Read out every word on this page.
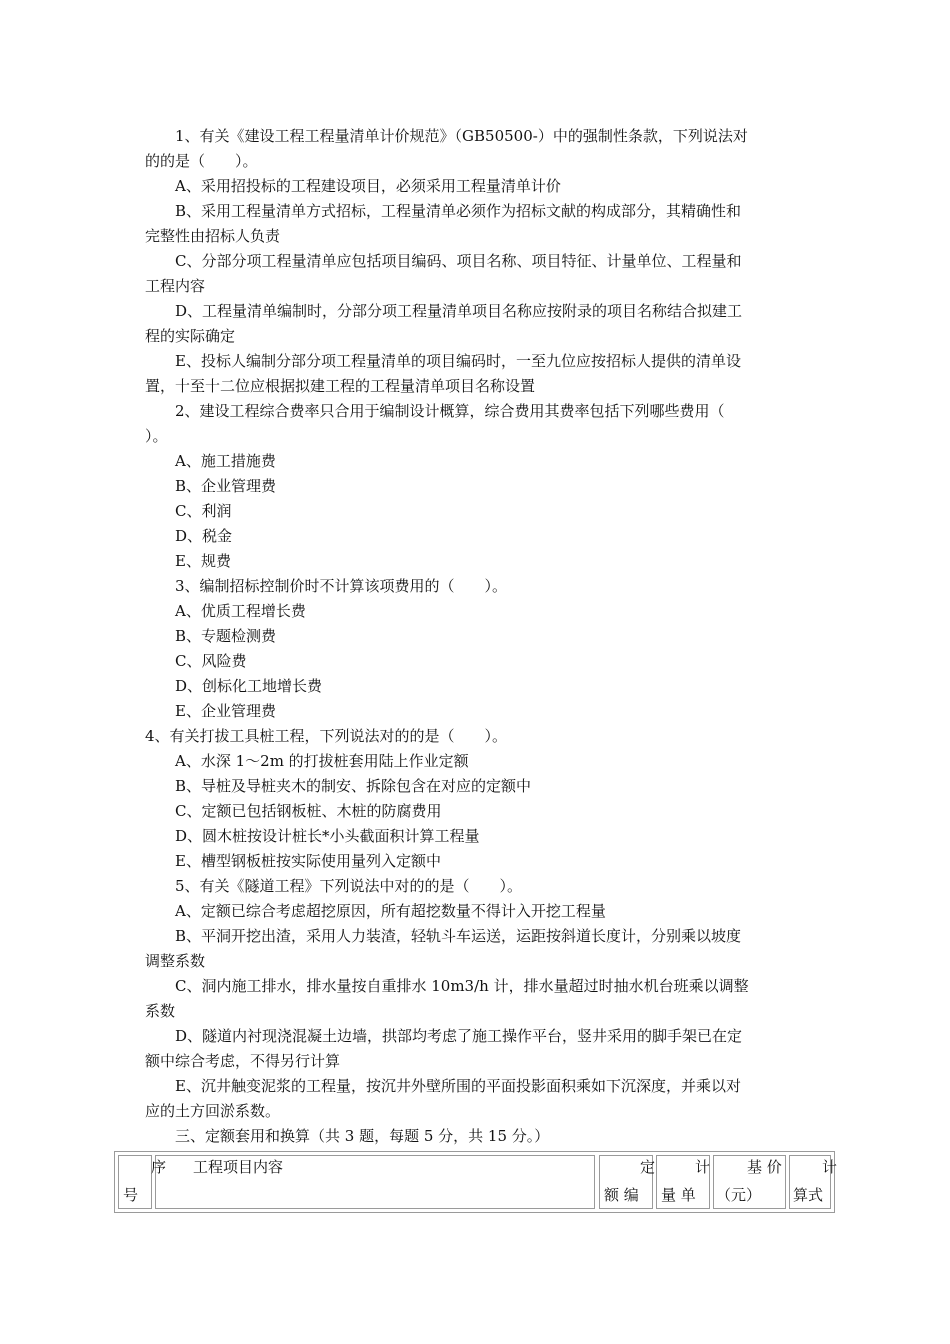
1、有关《建设工程工程量清单计价规范》（GB50500-）中的强制性条款，下列说法对
的的是（　　）。
A、采用招投标的工程建设项目，必须采用工程量清单计价
B、采用工程量清单方式招标，工程量清单必须作为招标文献的构成部分，其精确性和
完整性由招标人负责
C、分部分项工程量清单应包括项目编码、项目名称、项目特征、计量单位、工程量和
工程内容
D、工程量清单编制时，分部分项工程量清单项目名称应按附录的项目名称结合拟建工
程的实际确定
E、投标人编制分部分项工程量清单的项目编码时，一至九位应按招标人提供的清单设
置，十至十二位应根据拟建工程的工程量清单项目名称设置
2、建设工程综合费率只合用于编制设计概算，综合费用其费率包括下列哪些费用（
）。
A、施工措施费
B、企业管理费
C、利润
D、税金
E、规费
3、编制招标控制价时不计算该项费用的（　　）。
A、优质工程增长费
B、专题检测费
C、风险费
D、创标化工地增长费
E、企业管理费
4、有关打拔工具桩工程，下列说法对的的是（　　）。
A、水深 1～2m 的打拔桩套用陆上作业定额
B、导桩及导桩夹木的制安、拆除包含在对应的定额中
C、定额已包括钢板桩、木桩的防腐费用
D、圆木桩按设计桩长*小头截面积计算工程量
E、槽型钢板桩按实际使用量列入定额中
5、有关《隧道工程》下列说法中对的的是（　　）。
A、定额已综合考虑超挖原因，所有超挖数量不得计入开挖工程量
B、平洞开挖出渣，采用人力装渣，轻轨斗车运送，运距按斜道长度计，分别乘以坡度
调整系数
C、洞内施工排水，排水量按自重排水 10m3/h 计，排水量超过时抽水机台班乘以调整
系数
D、隧道内衬现浇混凝土边墙，拱部均考虑了施工操作平台，竖井采用的脚手架已在定
额中综合考虑，不得另行计算
E、沉井触变泥浆的工程量，按沉井外壁所围的平面投影面积乘如下沉深度，并乘以对
应的土方回淤系数。
三、定额套用和换算（共 3 题，每题 5 分，共 15 分。）
序
号
工程项目内容	定
额 编
计
量 单
基 价
（元）
计
算式
